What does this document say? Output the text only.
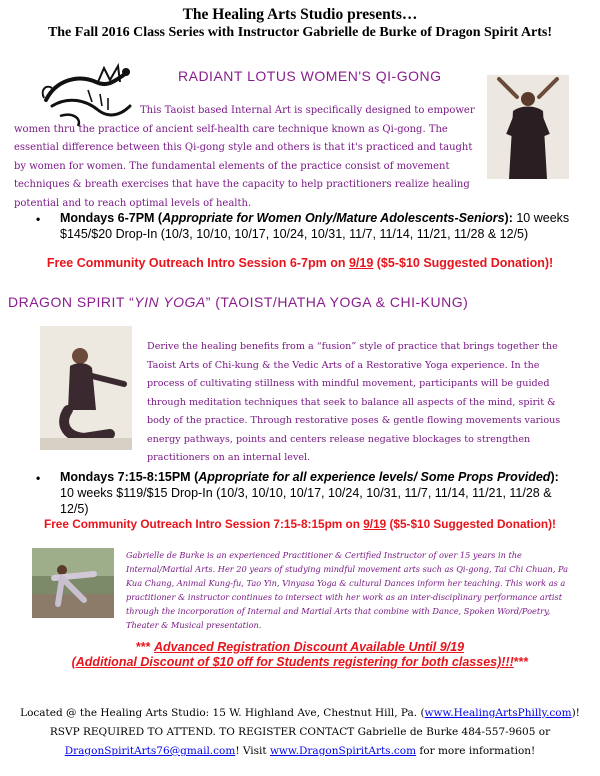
The Healing Arts Studio presents…
The Fall 2016 Class Series with Instructor Gabrielle de Burke of Dragon Spirit Arts!
RADIANT LOTUS WOMEN'S QI-GONG
This Taoist based Internal Art is specifically designed to empower women thru the practice of ancient self-health care technique known as Qi-gong. The essential difference between this Qi-gong style and others is that it's practiced and taught by women for women. The fundamental elements of the practice consist of movement techniques & breath exercises that have the capacity to help practitioners realize healing potential and to reach optimal levels of health.
• Mondays 6-7PM (Appropriate for Women Only/Mature Adolescents-Seniors): 10 weeks $145/$20 Drop-In (10/3, 10/10, 10/17, 10/24, 10/31, 11/7, 11/14, 11/21, 11/28 & 12/5)
Free Community Outreach Intro Session 6-7pm on 9/19 ($5-$10 Suggested Donation)!
DRAGON SPIRIT “YIN YOGA” (TAOIST/HATHA YOGA & CHI-KUNG)
Derive the healing benefits from a “fusion” style of practice that brings together the Taoist Arts of Chi-kung & the Vedic Arts of a Restorative Yoga experience. In the process of cultivating stillness with mindful movement, participants will be guided through meditation techniques that seek to balance all aspects of the mind, spirit & body of the practice. Through restorative poses & gentle flowing movements various energy pathways, points and centers release negative blockages to strengthen practitioners on an internal level.
• Mondays 7:15-8:15PM (Appropriate for all experience levels/ Some Props Provided): 10 weeks $119/$15 Drop-In (10/3, 10/10, 10/17, 10/24, 10/31, 11/7, 11/14, 11/21, 11/28 & 12/5)
Free Community Outreach Intro Session 7:15-8:15pm on 9/19 ($5-$10 Suggested Donation)!
Gabrielle de Burke is an experienced Practitioner & Certified Instructor of over 15 years in the Internal/Martial Arts. Her 20 years of studying mindful movement arts such as Qi-gong, Tai Chi Chuan, Pa Kua Chang, Animal Kung-fu, Tao Yin, Vinyasa Yoga & cultural Dances inform her teaching. This work as a practitioner & instructor continues to intersect with her work as an inter-disciplinary performance artist through the incorporation of Internal and Martial Arts that combine with Dance, Spoken Word/Poetry, Theater & Musical presentation.
*** Advanced Registration Discount Available Until 9/19
(Additional Discount of $10 off for Students registering for both classes)!!!***
Located @ the Healing Arts Studio: 15 W. Highland Ave, Chestnut Hill, Pa. (www.HealingArtsPhilly.com)!
RSVP REQUIRED TO ATTEND. TO REGISTER CONTACT Gabrielle de Burke 484-557-9605 or
DragonSpiritArts76@gmail.com! Visit www.DragonSpiritArts.com for more information!
